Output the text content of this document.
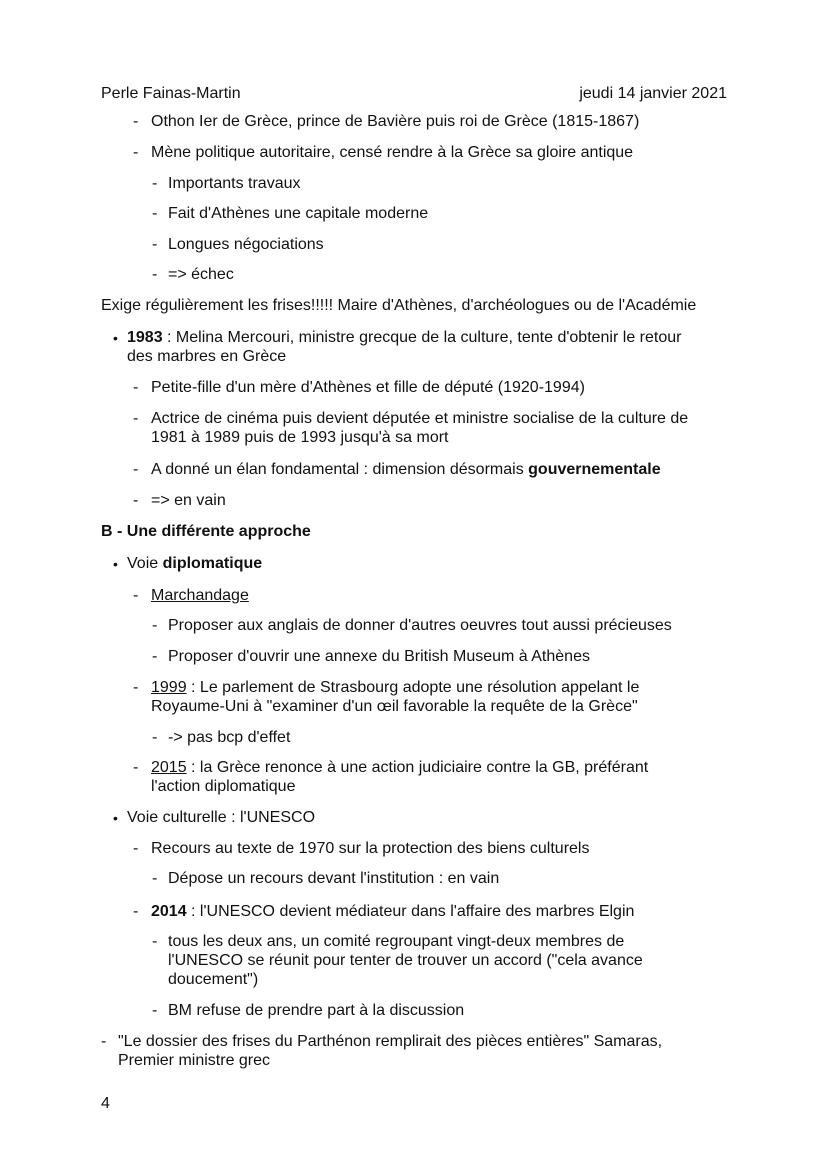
Perle Fainas-Martin	jeudi 14 janvier 2021
- Othon Ier de Grèce, prince de Bavière puis roi de Grèce (1815-1867)
- Mène politique autoritaire, censé rendre à la Grèce sa gloire antique
- Importants travaux
- Fait d'Athènes une capitale moderne
- Longues négociations
- => échec
Exige régulièrement les frises!!!!! Maire d'Athènes, d'archéologues ou de l'Académie
• 1983 : Melina Mercouri, ministre grecque de la culture, tente d'obtenir le retour
des marbres en Grèce
- Petite-fille d'un mère d'Athènes et fille de député (1920-1994)
- Actrice de cinéma puis devient députée et ministre socialise de la culture de
1981 à 1989 puis de 1993 jusqu'à sa mort
- A donné un élan fondamental : dimension désormais gouvernementale
- => en vain
B - Une différente approche
• Voie diplomatique
- Marchandage
- Proposer aux anglais de donner d'autres oeuvres tout aussi précieuses
- Proposer d'ouvrir une annexe du British Museum à Athènes
- 1999 : Le parlement de Strasbourg adopte une résolution appelant le
Royaume-Uni à "examiner d'un œil favorable la requête de la Grèce"
- -> pas bcp d'effet
- 2015 : la Grèce renonce à une action judiciaire contre la GB, préférant
l'action diplomatique
• Voie culturelle : l'UNESCO
- Recours au texte de 1970 sur la protection des biens culturels
- Dépose un recours devant l'institution : en vain
- 2014 : l'UNESCO devient médiateur dans l'affaire des marbres Elgin
- tous les deux ans, un comité regroupant vingt-deux membres de
l'UNESCO se réunit pour tenter de trouver un accord ("cela avance
doucement")
- BM refuse de prendre part à la discussion
- "Le dossier des frises du Parthénon remplirait des pièces entières" Samaras,
Premier ministre grec
4
